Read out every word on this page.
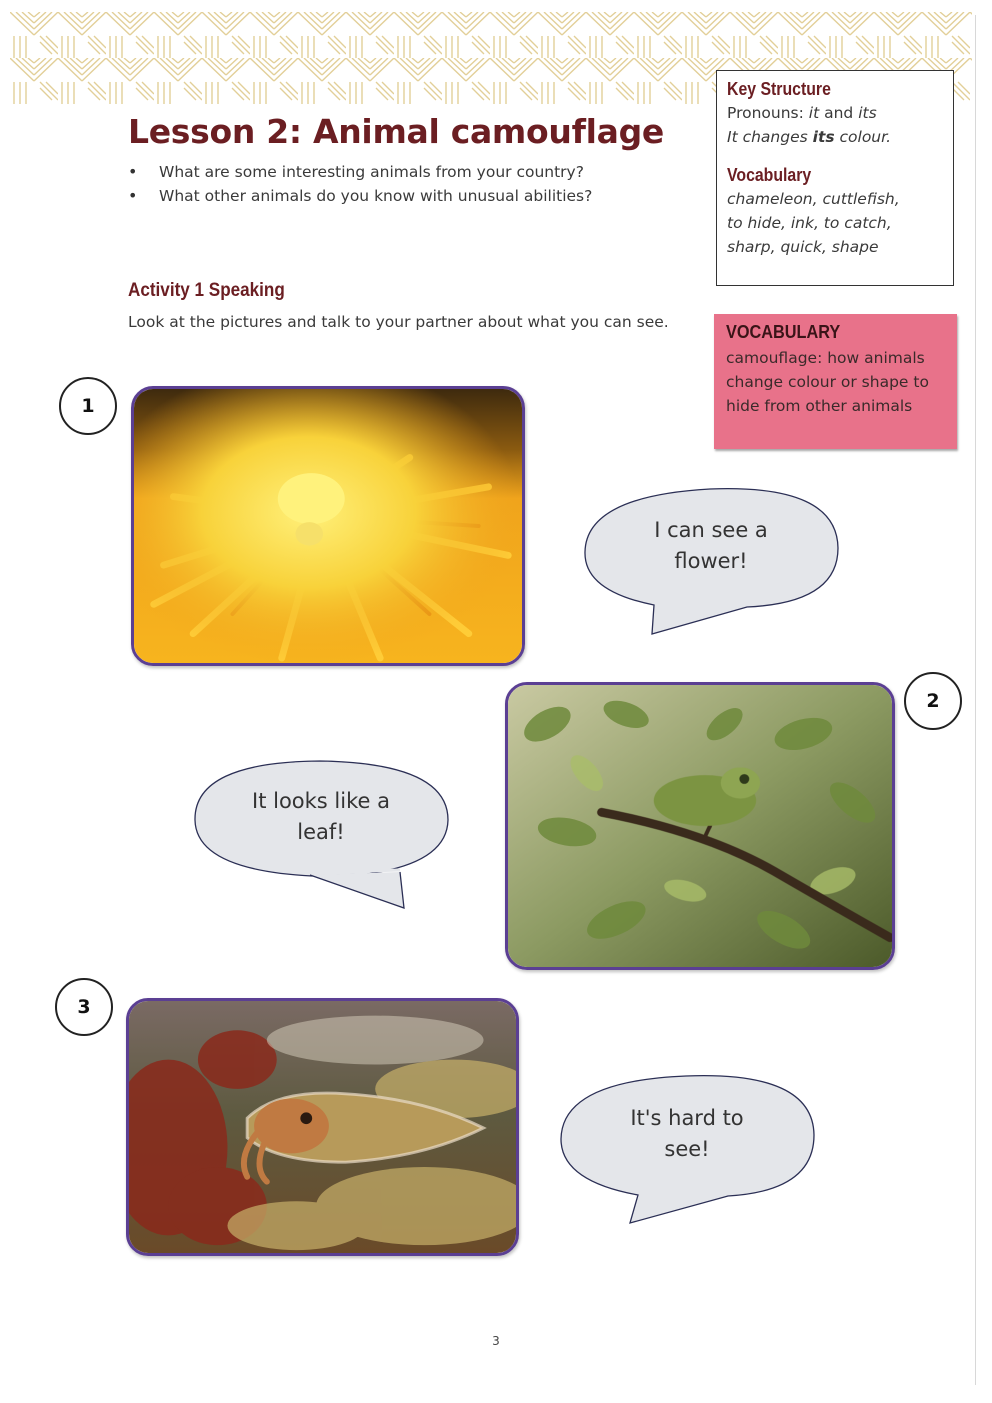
Lesson 2: Animal camouflage
• What are some interesting animals from your country?
• What other animals do you know with unusual abilities?
Activity 1 Speaking
Look at the pictures and talk to your partner about what you can see.
Key Structure
Pronouns: it and its
It changes its colour.
Vocabulary
chameleon, cuttlefish,
to hide, ink, to catch,
sharp, quick, shape
VOCABULARY
camouflage: how animals
change colour or shape to
hide from other animals
1
I can see a
flower!
2
It looks like a
leaf!
3
It's hard to
see!
3
